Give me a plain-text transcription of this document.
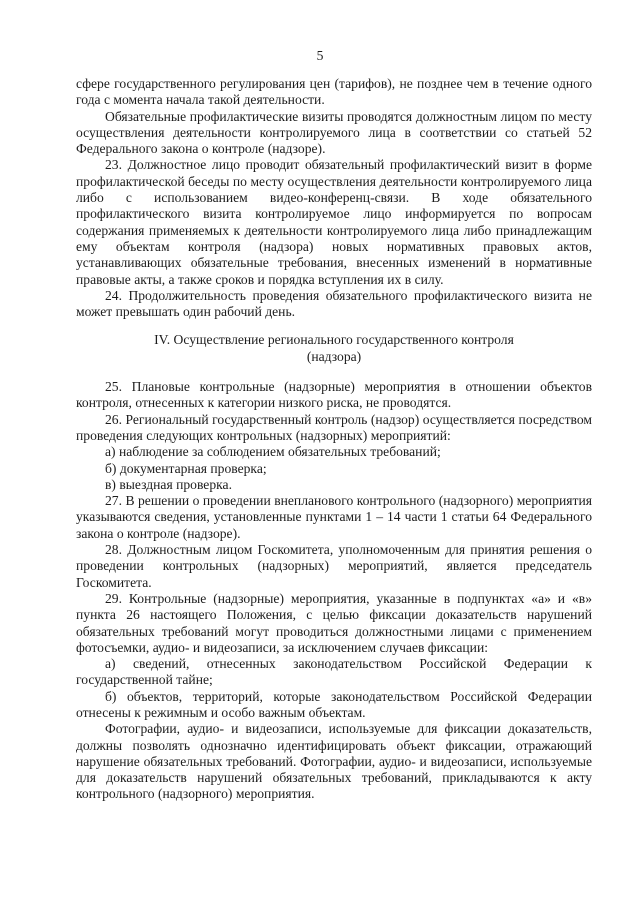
5

сфере государственного регулирования цен (тарифов), не позднее чем в течение одного года с момента начала такой деятельности.

Обязательные профилактические визиты проводятся должностным лицом по месту осуществления деятельности контролируемого лица в соответствии со статьей 52 Федерального закона о контроле (надзоре).

23. Должностное лицо проводит обязательный профилактический визит в форме профилактической беседы по месту осуществления деятельности контролируемого лица либо с использованием видео-конференц-связи. В ходе обязательного профилактического визита контролируемое лицо информируется по вопросам содержания применяемых к деятельности контролируемого лица либо принадлежащим ему объектам контроля (надзора) новых нормативных правовых актов, устанавливающих обязательные требования, внесенных изменений в нормативные правовые акты, а также сроков и порядка вступления их в силу.

24. Продолжительность проведения обязательного профилактического визита не может превышать один рабочий день.

IV. Осуществление регионального государственного контроля
(надзора)

25. Плановые контрольные (надзорные) мероприятия в отношении объектов контроля, отнесенных к категории низкого риска, не проводятся.

26. Региональный государственный контроль (надзор) осуществляется посредством проведения следующих контрольных (надзорных) мероприятий:

а) наблюдение за соблюдением обязательных требований;

б) документарная проверка;

в) выездная проверка.

27. В решении о проведении внепланового контрольного (надзорного) мероприятия указываются сведения, установленные пунктами 1 – 14 части 1 статьи 64 Федерального закона о контроле (надзоре).

28. Должностным лицом Госкомитета, уполномоченным для принятия решения о проведении контрольных (надзорных) мероприятий, является председатель Госкомитета.

29. Контрольные (надзорные) мероприятия, указанные в подпунктах «а» и «в» пункта 26 настоящего Положения, с целью фиксации доказательств нарушений обязательных требований могут проводиться должностными лицами с применением фотосъемки, аудио- и видеозаписи, за исключением случаев фиксации:

а) сведений, отнесенных законодательством Российской Федерации к государственной тайне;

б) объектов, территорий, которые законодательством Российской Федерации отнесены к режимным и особо важным объектам.

Фотографии, аудио- и видеозаписи, используемые для фиксации доказательств, должны позволять однозначно идентифицировать объект фиксации, отражающий нарушение обязательных требований. Фотографии, аудио- и видеозаписи, используемые для доказательств нарушений обязательных требований, прикладываются к акту контрольного (надзорного) мероприятия.
